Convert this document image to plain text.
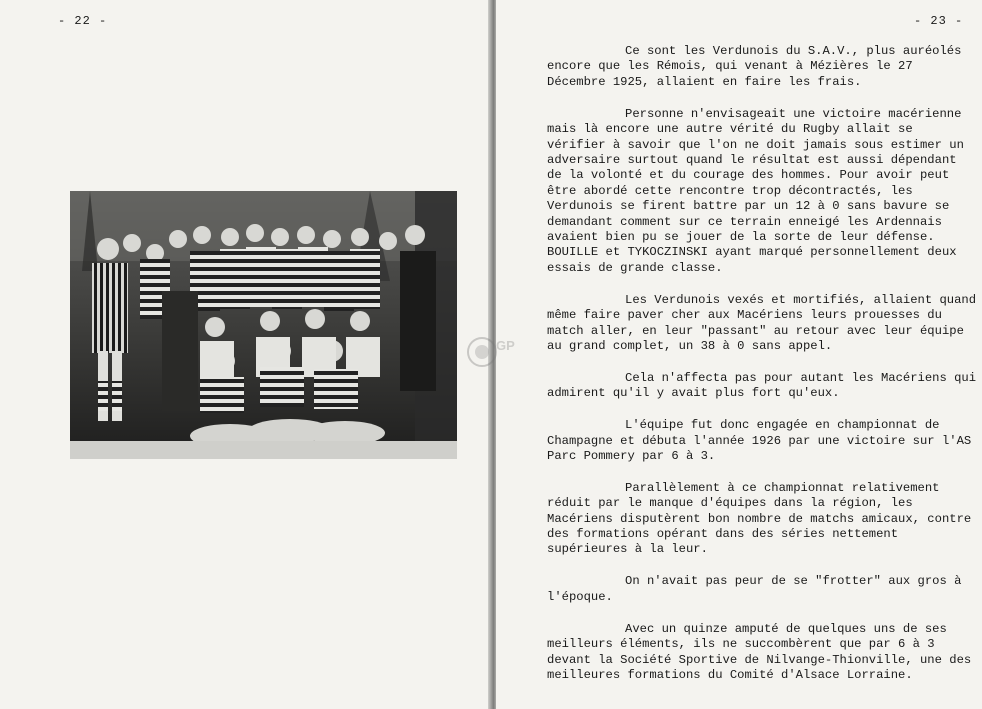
- 22 -	- 23 -

Ce sont les Verdunois du S.A.V., plus auréolés encore que les Rémois, qui venant à Mézières le 27 Décembre 1925, allaient en faire les frais.

Personne n'envisageait une victoire macérienne mais là encore une autre vérité du Rugby allait se vérifier à savoir que l'on ne doit jamais sous estimer un adversaire surtout quand le résultat est aussi dépendant de la volonté et du courage des hommes. Pour avoir peut être abordé cette rencontre trop décontractés, les Verdunois se firent battre par un 12 à 0 sans bavure se demandant comment sur ce terrain enneigé les Ardennais avaient bien pu se jouer de la sorte de leur défense. BOUILLE et TYKOCZINSKI ayant marqué personnellement deux essais de grande classe.

Les Verdunois vexés et mortifiés, allaient quand même faire paver cher aux Macériens leurs prouesses du match aller, en leur "passant" au retour avec leur équipe au grand complet, un 38 à 0 sans appel.

Cela n'affecta pas pour autant les Macériens qui admirent qu'il y avait plus fort qu'eux.

L'équipe fut donc engagée en championnat de Champagne et débuta l'année 1926 par une victoire sur l'AS Parc Pommery par 6 à 3.

Parallèlement à ce championnat relativement réduit par le manque d'équipes dans la région, les Macériens disputèrent bon nombre de matchs amicaux, contre des formations opérant dans des séries nettement supérieures à la leur.

On n'avait pas peur de se "frotter" aux gros à l'époque.

Avec un quinze amputé de quelques uns de ses meilleurs éléments, ils ne succombèrent que par 6 à 3 devant la Société Sportive de Nilvange-Thionville, une des meilleures formations du Comité d'Alsace Lorraine.

GP
